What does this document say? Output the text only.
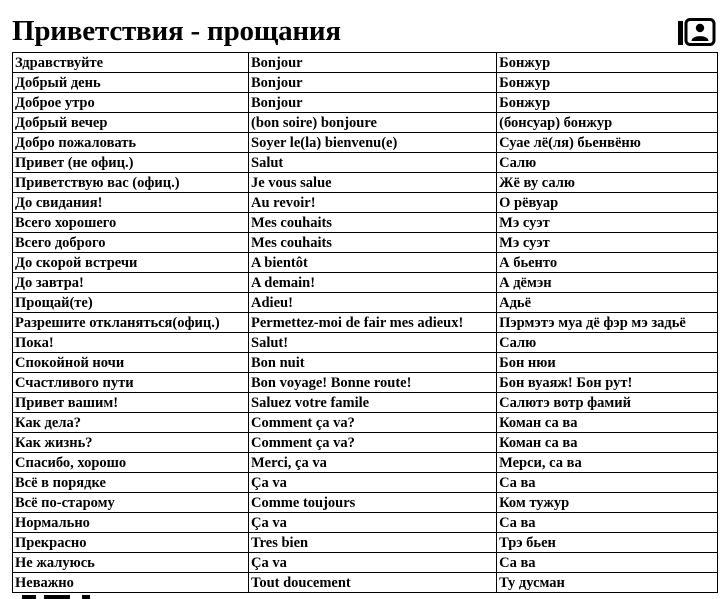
Приветствия - прощания
Здравствуйте	Bonjour	Бонжур
Добрый день	Bonjour	Бонжур
Доброе утро	Bonjour	Бонжур
Добрый вечер	(bon soire) bonjoure	(бонсуар) бонжур
Добро пожаловать	Soyer le(la) bienvenu(e)	Суае лё(ля) бьенвёню
Привет (не офиц.)	Salut	Салю
Приветствую вас (офиц.)	Je vous salue	Жё ву салю
До свидания!	Au revoir!	О рёвуар
Всего хорошего	Mes couhaits	Мэ суэт
Всего доброго	Mes couhaits	Мэ суэт
До скорой встречи	A bientôt	А бьенто
До завтра!	A demain!	А дёмэн
Прощай(те)	Adieu!	Адьё
Разрешите откланяться(офиц.)	Permettez-moi de fair mes adieux!	Пэрмэтэ муа дё фэр мэ задьё
Пока!	Salut!	Салю
Спокойной ночи	Bon nuit	Бон нюи
Счастливого пути	Bon voyage! Bonne route!	Бон вуаяж! Бон рут!
Привет вашим!	Saluez votre famile	Салютэ вотр фамий
Как дела?	Comment ça va?	Коман са ва
Как жизнь?	Comment ça va?	Коман са ва
Спасибо, хорошо	Merci, ça va	Мерси, са ва
Всё в порядке	Ça va	Са ва
Всё по-старому	Comme toujours	Ком тужур
Нормально	Ça va	Са ва
Прекрасно	Tres bien	Трэ бьен
Не жалуюсь	Ça va	Са ва
Неважно	Tout doucement	Ту дусман
